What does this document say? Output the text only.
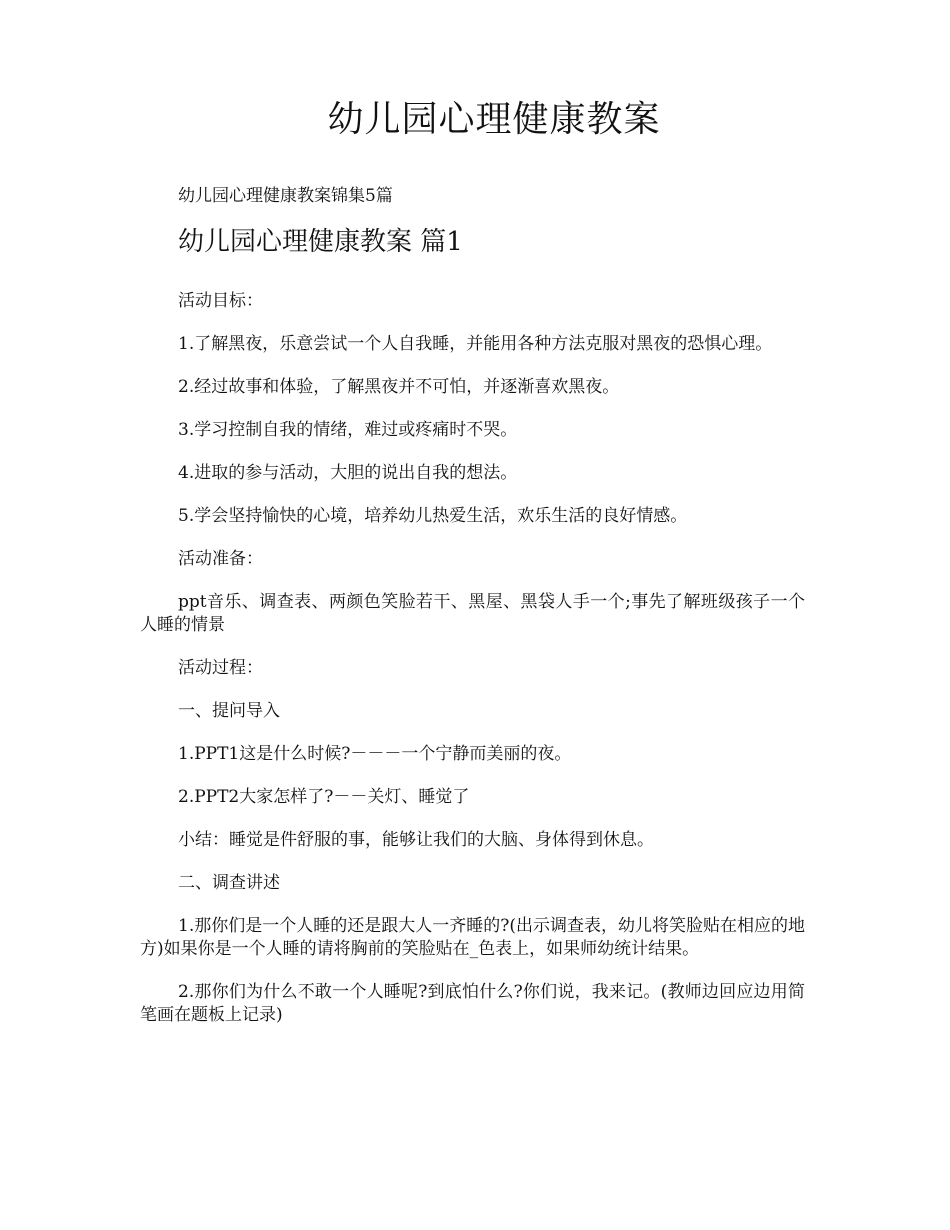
幼儿园心理健康教案

幼儿园心理健康教案锦集5篇

幼儿园心理健康教案 篇1

活动目标：

1.了解黑夜，乐意尝试一个人自我睡，并能用各种方法克服对黑夜的恐惧心理。

2.经过故事和体验，了解黑夜并不可怕，并逐渐喜欢黑夜。

3.学习控制自我的情绪，难过或疼痛时不哭。

4.进取的参与活动，大胆的说出自我的想法。

5.学会坚持愉快的心境，培养幼儿热爱生活，欢乐生活的良好情感。

活动准备：

ppt音乐、调查表、两颜色笑脸若干、黑屋、黑袋人手一个;事先了解班级孩子一个人睡的情景

活动过程：

一、提问导入

1.PPT1这是什么时候?－－－一个宁静而美丽的夜。

2.PPT2大家怎样了?－－关灯、睡觉了

小结：睡觉是件舒服的事，能够让我们的大脑、身体得到休息。

二、调查讲述

1.那你们是一个人睡的还是跟大人一齐睡的?(出示调查表，幼儿将笑脸贴在相应的地方)如果你是一个人睡的请将胸前的笑脸贴在_色表上，如果师幼统计结果。

2.那你们为什么不敢一个人睡呢?到底怕什么?你们说，我来记。(教师边回应边用简笔画在题板上记录)
